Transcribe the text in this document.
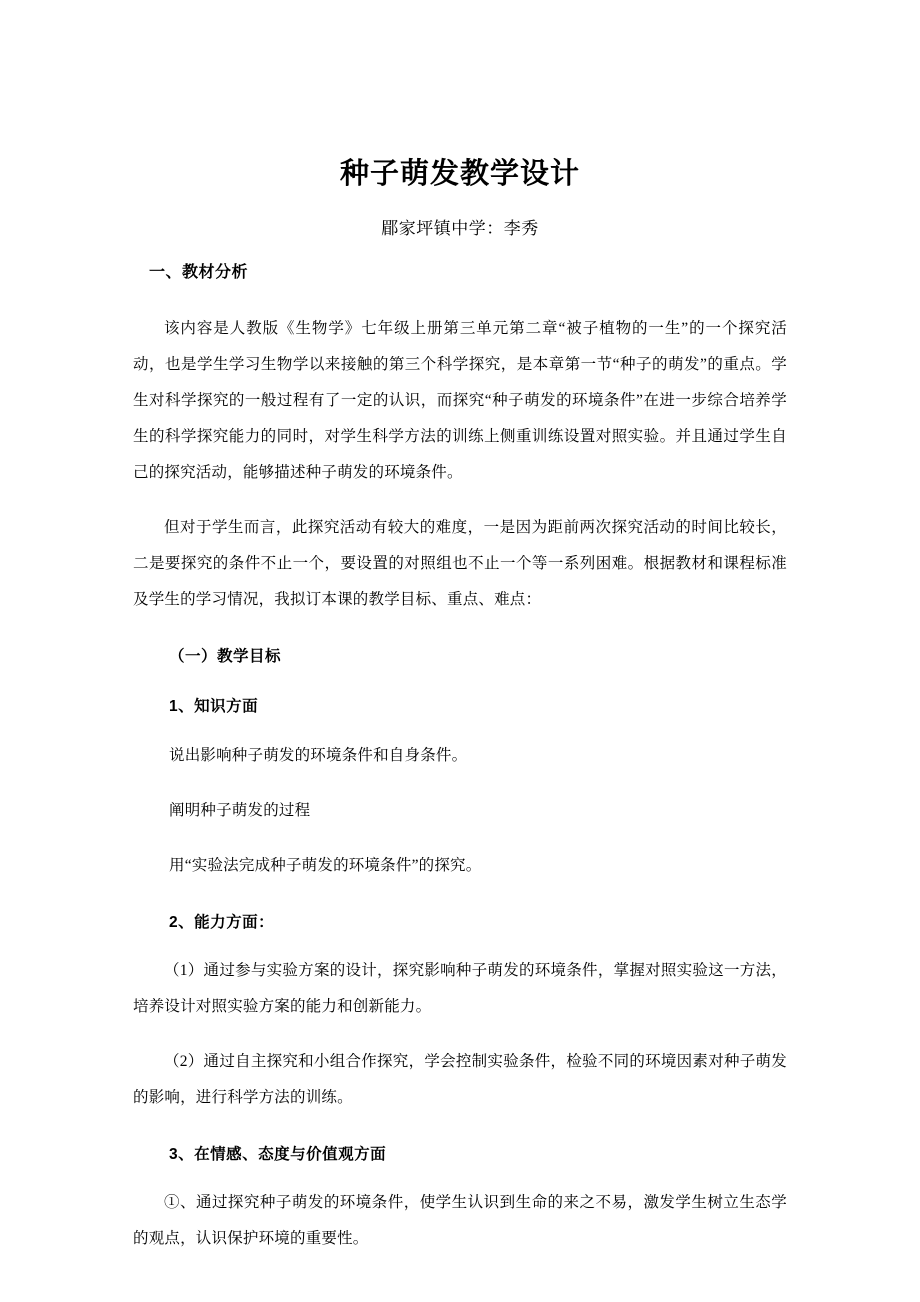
种子萌发教学设计
郿家坪镇中学：李秀
一、教材分析

该内容是人教版《生物学》七年级上册第三单元第二章“被子植物的一生”的一个探究活动，也是学生学习生物学以来接触的第三个科学探究，是本章第一节“种子的萌发”的重点。学生对科学探究的一般过程有了一定的认识，而探究“种子萌发的环境条件”在进一步综合培养学生的科学探究能力的同时，对学生科学方法的训练上侧重训练设置对照实验。并且通过学生自己的探究活动，能够描述种子萌发的环境条件。

但对于学生而言，此探究活动有较大的难度，一是因为距前两次探究活动的时间比较长，二是要探究的条件不止一个，要设置的对照组也不止一个等一系列困难。根据教材和课程标准及学生的学习情况，我拟订本课的教学目标、重点、难点：

（一）教学目标
1、知识方面

说出影响种子萌发的环境条件和自身条件。

阐明种子萌发的过程

用“实验法完成种子萌发的环境条件”的探究。

2、能力方面：

（1）通过参与实验方案的设计，探究影响种子萌发的环境条件，掌握对照实验这一方法，培养设计对照实验方案的能力和创新能力。

（2）通过自主探究和小组合作探究，学会控制实验条件，检验不同的环境因素对种子萌发的影响，进行科学方法的训练。

3、在情感、态度与价值观方面

①、通过探究种子萌发的环境条件，使学生认识到生命的来之不易，激发学生树立生态学的观点，认识保护环境的重要性。
